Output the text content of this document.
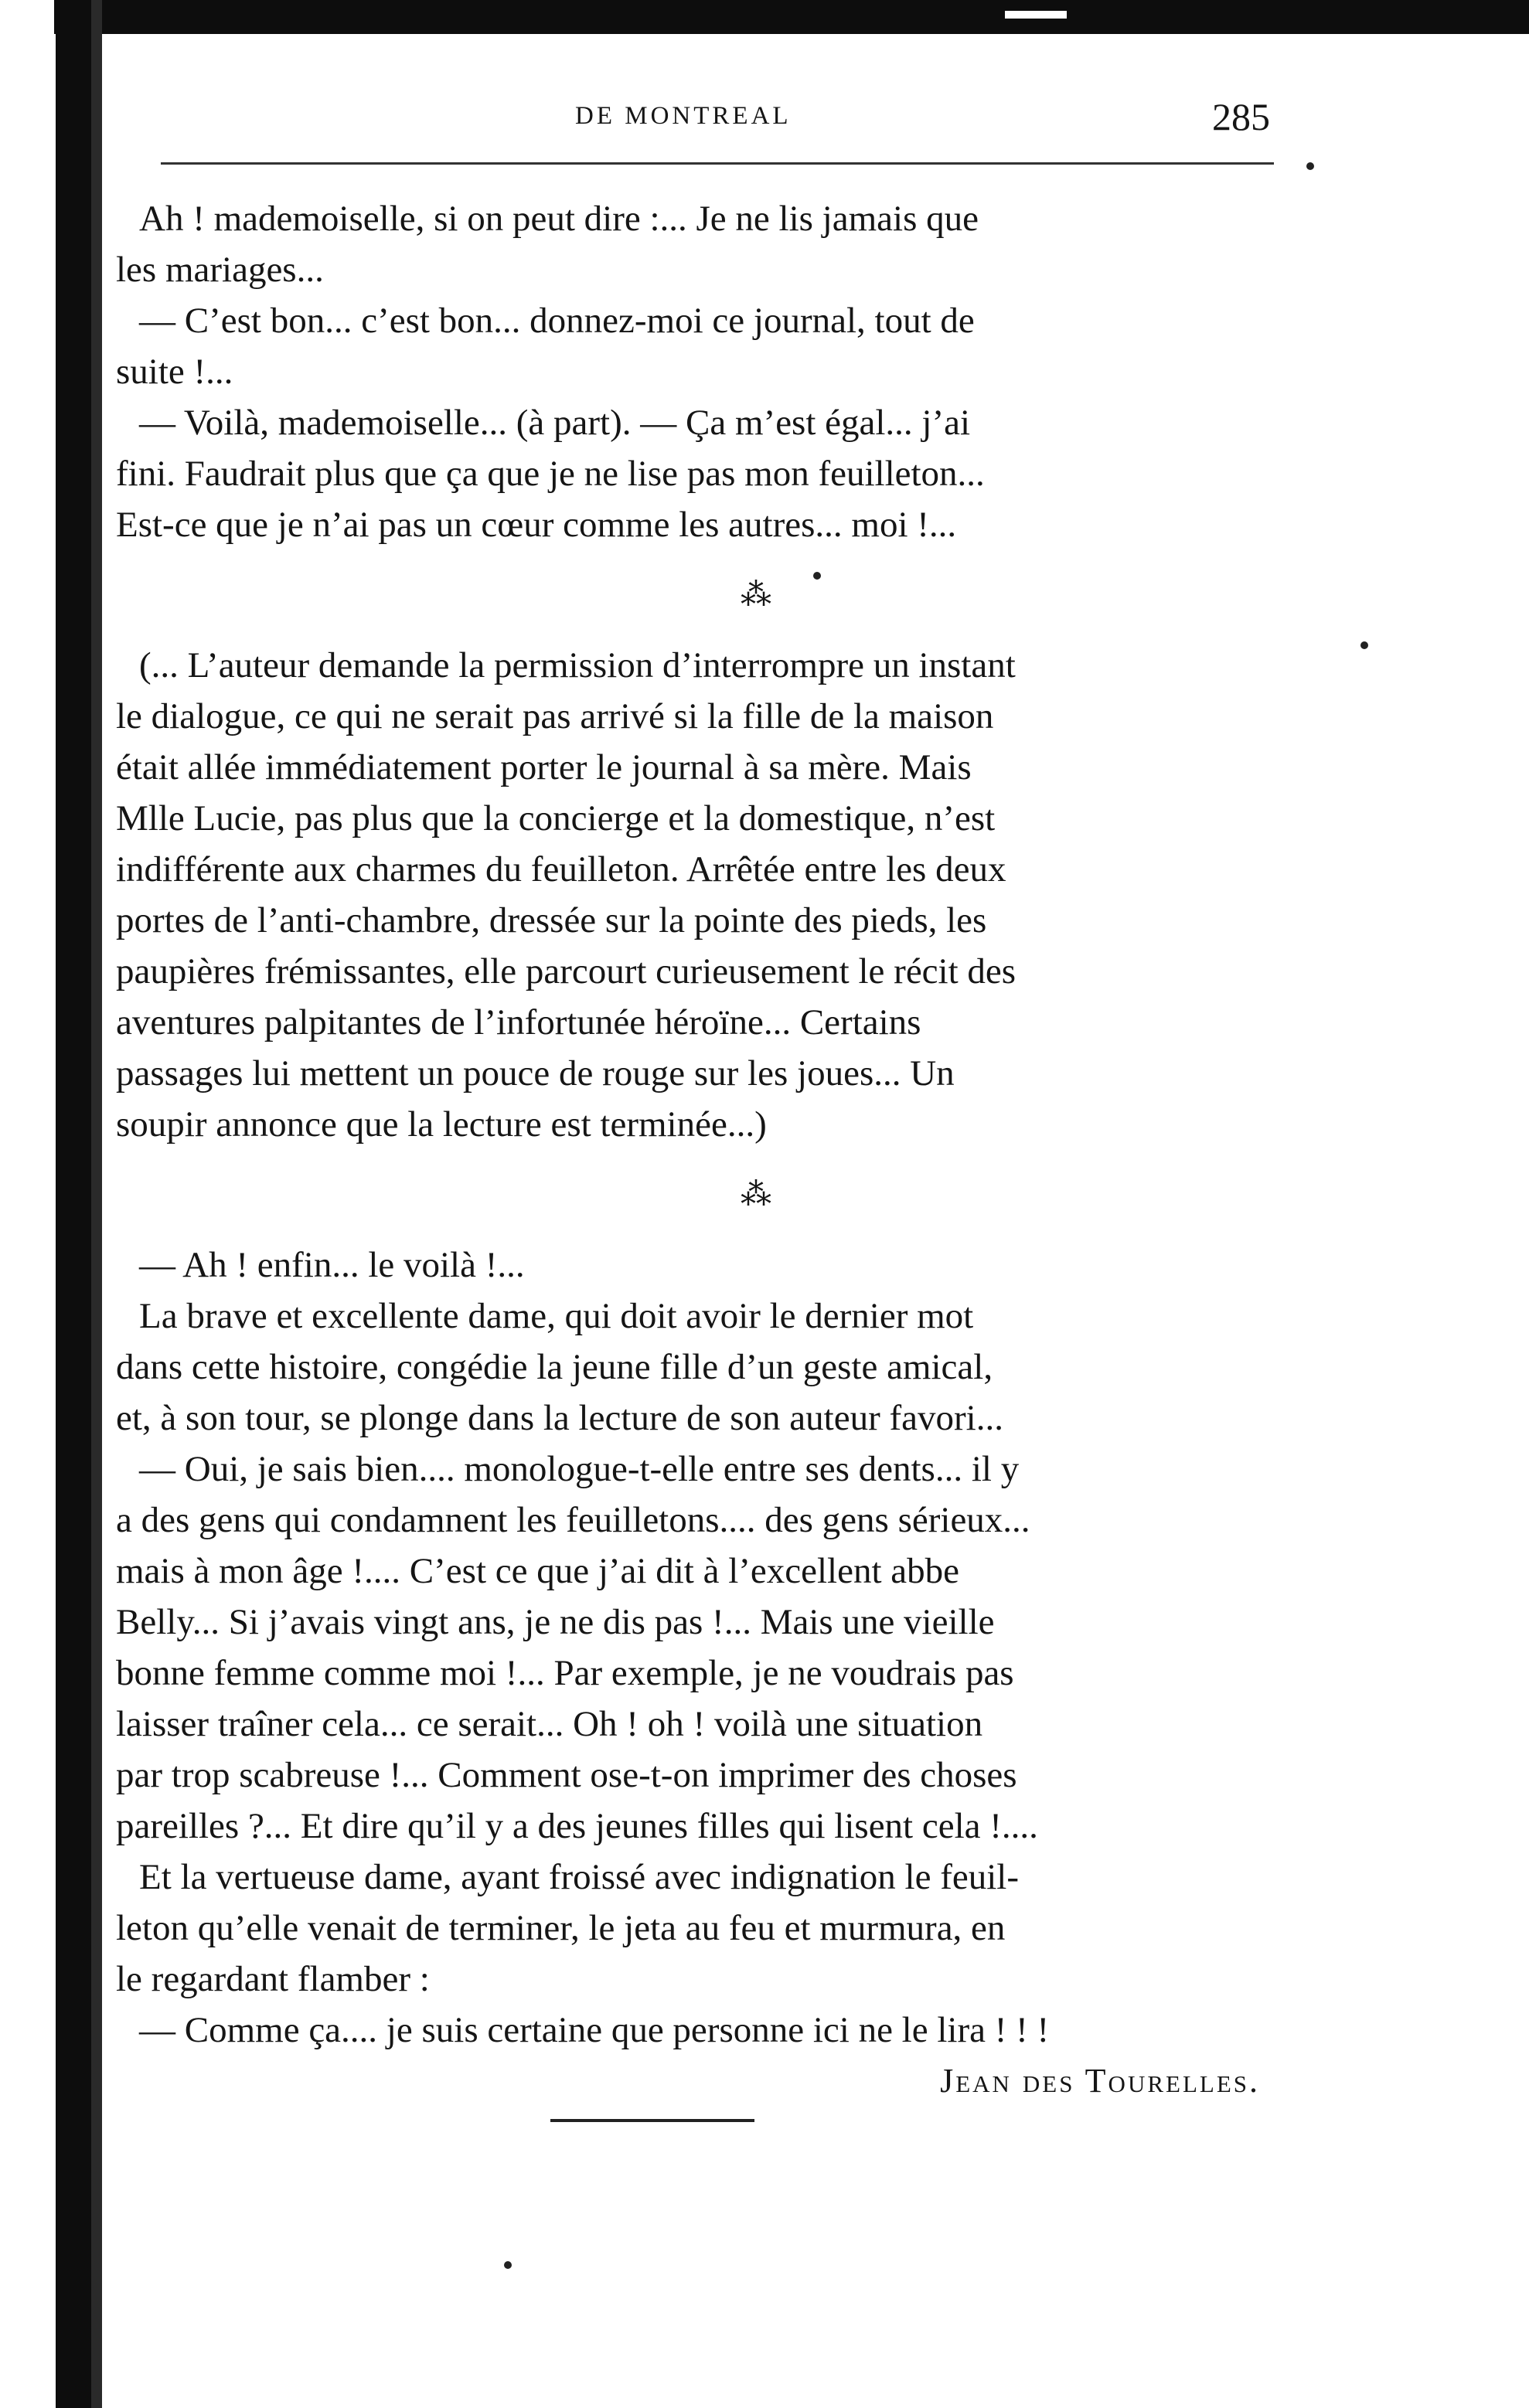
DE MONTREAL	285
Ah ! mademoiselle, si on peut dire :... Je ne lis jamais que
les mariages...
— C’est bon... c’est bon... donnez-moi ce journal, tout de
suite !...
— Voilà, mademoiselle... (à part). — Ça m’est égal... j’ai
fini. Faudrait plus que ça que je ne lise pas mon feuilleton...
Est-ce que je n’ai pas un cœur comme les autres... moi !...
⁂
(... L’auteur demande la permission d’interrompre un instant
le dialogue, ce qui ne serait pas arrivé si la fille de la maison
était allée immédiatement porter le journal à sa mère. Mais
Mlle Lucie, pas plus que la concierge et la domestique, n’est
indifférente aux charmes du feuilleton. Arrêtée entre les deux
portes de l’anti-chambre, dressée sur la pointe des pieds, les
paupières frémissantes, elle parcourt curieusement le récit des
aventures palpitantes de l’infortunée héroïne... Certains
passages lui mettent un pouce de rouge sur les joues... Un
soupir annonce que la lecture est terminée...)
⁂
— Ah ! enfin... le voilà !...
La brave et excellente dame, qui doit avoir le dernier mot
dans cette histoire, congédie la jeune fille d’un geste amical,
et, à son tour, se plonge dans la lecture de son auteur favori...
— Oui, je sais bien.... monologue-t-elle entre ses dents... il y
a des gens qui condamnent les feuilletons.... des gens sérieux...
mais à mon âge !.... C’est ce que j’ai dit à l’excellent abbe
Belly... Si j’avais vingt ans, je ne dis pas !... Mais une vieille
bonne femme comme moi !... Par exemple, je ne voudrais pas
laisser traîner cela... ce serait... Oh ! oh ! voilà une situation
par trop scabreuse !... Comment ose-t-on imprimer des choses
pareilles ?... Et dire qu’il y a des jeunes filles qui lisent cela !....
Et la vertueuse dame, ayant froissé avec indignation le feuil-
leton qu’elle venait de terminer, le jeta au feu et murmura, en
le regardant flamber :
— Comme ça.... je suis certaine que personne ici ne le lira ! ! !
Jean des Tourelles.
